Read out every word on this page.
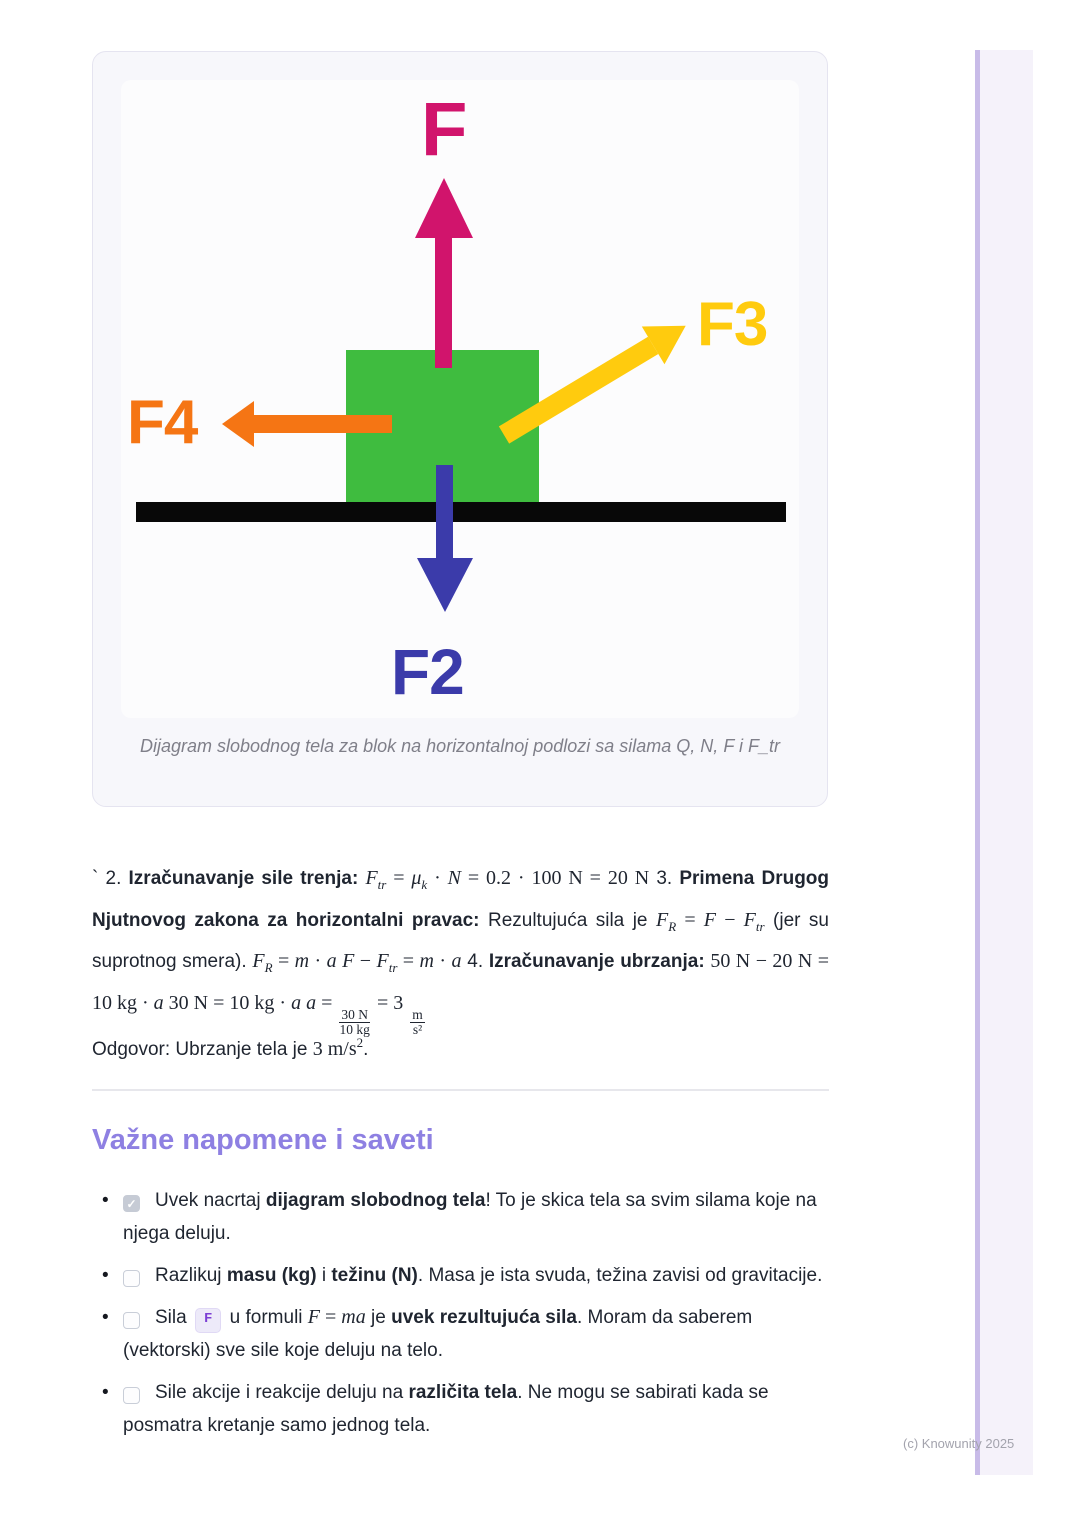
F
F3
F4
F2
Dijagram slobodnog tela za blok na horizontalnoj podlozi sa silama Q, N, F i F_tr

` 2. Izračunavanje sile trenja: $F_{tr} = \mu_k \cdot N = 0.2 \cdot 100$ N = 20 N 3. Primena Drugog Njutnovog zakona za horizontalni pravac: Rezultujuća sila je $F_R = F - F_{tr}$ (jer su suprotnog smera). $F_R = m \cdot a$ $F - F_{tr} = m \cdot a$ 4. Izračunavanje ubrzanja: 50 N − 20 N = 10 kg · a 30 N = 10 kg · a a =
$\frac{30 N}{10 kg}$
= 3
$\frac{m}{\text{s²}}$

Odgovor: Ubrzanje tela je 3 $m/s^2$.

Važne napomene i saveti
•	✓ Uvek nacrtaj dijagram slobodnog tela! To je skica tela sa svim silama koje na njega deluju.
•	Razlikuj masu (kg) i težinu (N). Masa je ista svuda, težina zavisi od gravitacije.
•	Sila F u formuli F = ma je uvek rezultujuća sila. Moram da saberem (vektorski) sve sile koje deluju na telo.
•	Sile akcije i reakcije deluju na različita tela. Ne mogu se sabirati kada se posmatra kretanje samo jednog tela.
(c) Knowunity 2025
